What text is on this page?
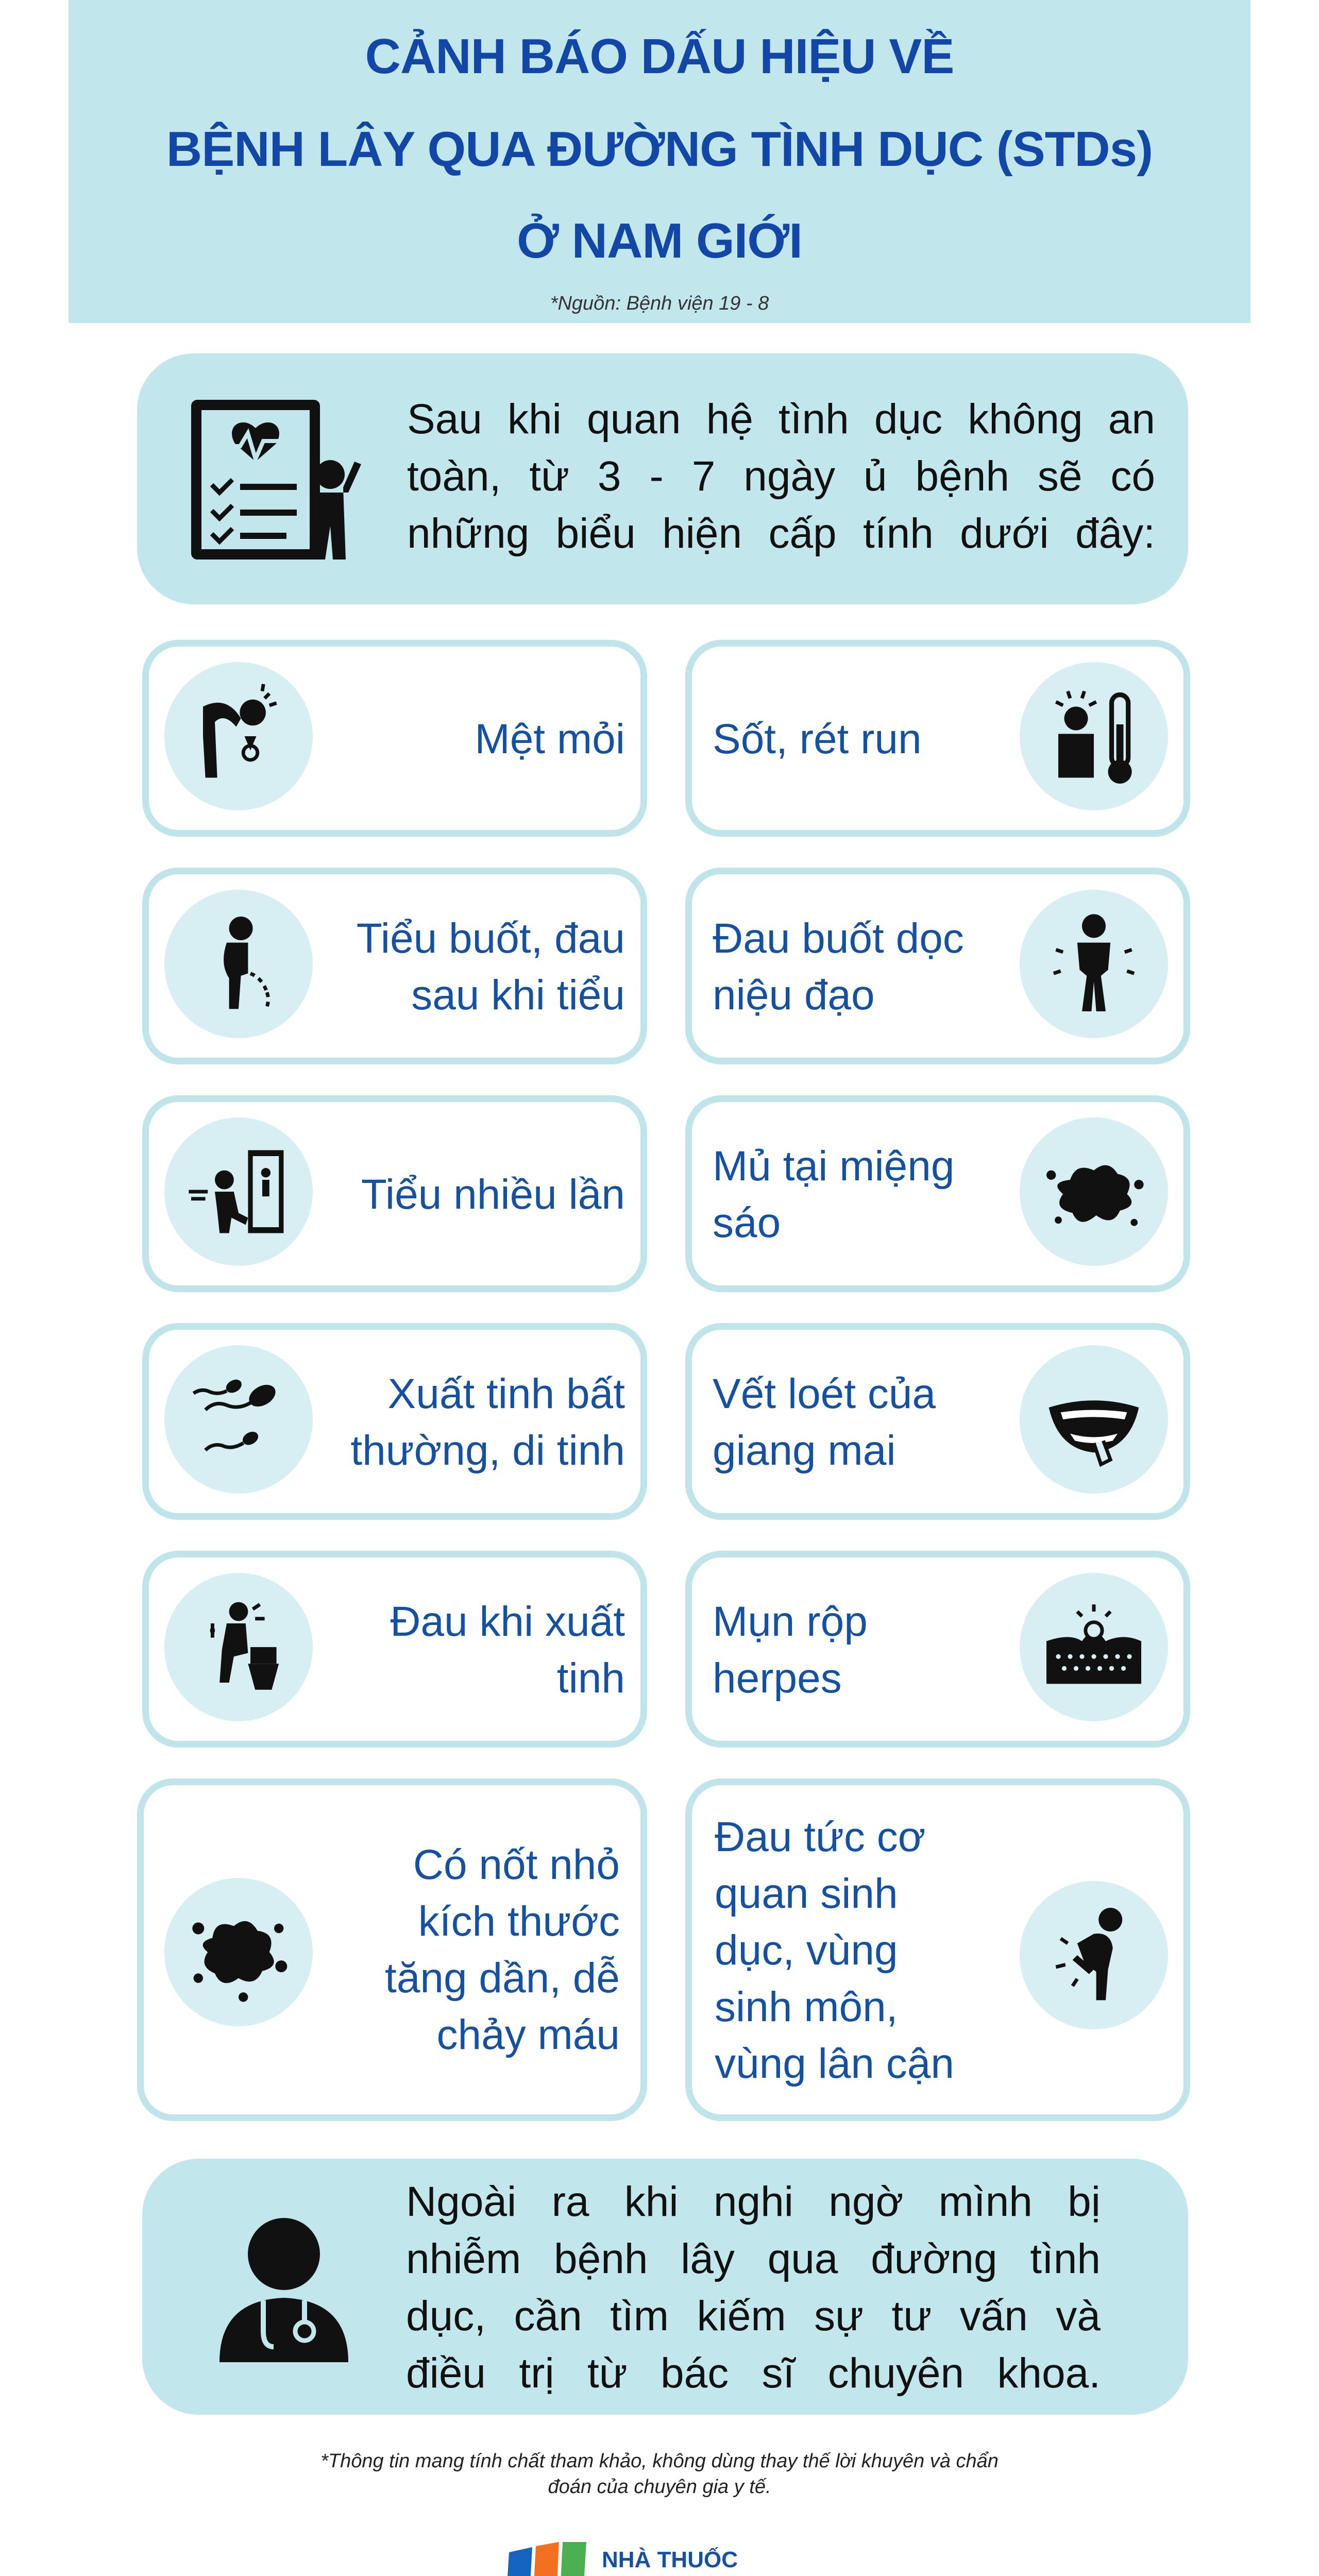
CẢNH BÁO DẤU HIỆU VỀ
BỆNH LÂY QUA ĐƯỜNG TÌNH DỤC (STDs)
Ở NAM GIỚI
*Nguồn: Bệnh viện 19 - 8
Sau khi quan hệ tình dục không an
toàn, từ 3 - 7 ngày ủ bệnh sẽ có
những biểu hiện cấp tính dưới đây:
Mệt mỏi Sốt, rét run
Tiểu buốt, đau
sau khi tiểu
Đau buốt dọc
niệu đạo
Tiểu nhiều lần
Mủ tại miệng
sáo
Xuất tinh bất
thường, di tinh
Vết loét của
giang mai
Đau khi xuất
tinh
Mụn rộp
herpes
Có nốt nhỏ
kích thước
tăng dần, dễ
chảy máu
Đau tức cơ
quan sinh
dục, vùng
sinh môn,
vùng lân cận
Ngoài ra khi nghi ngờ mình bị
nhiễm bệnh lây qua đường tình
dục, cần tìm kiếm sự tư vấn và
điều trị từ bác sĩ chuyên khoa.
*Thông tin mang tính chất tham khảo, không dùng thay thế lời khuyên và chẩn
đoán của chuyên gia y tế.
NHÀ THUỐC
